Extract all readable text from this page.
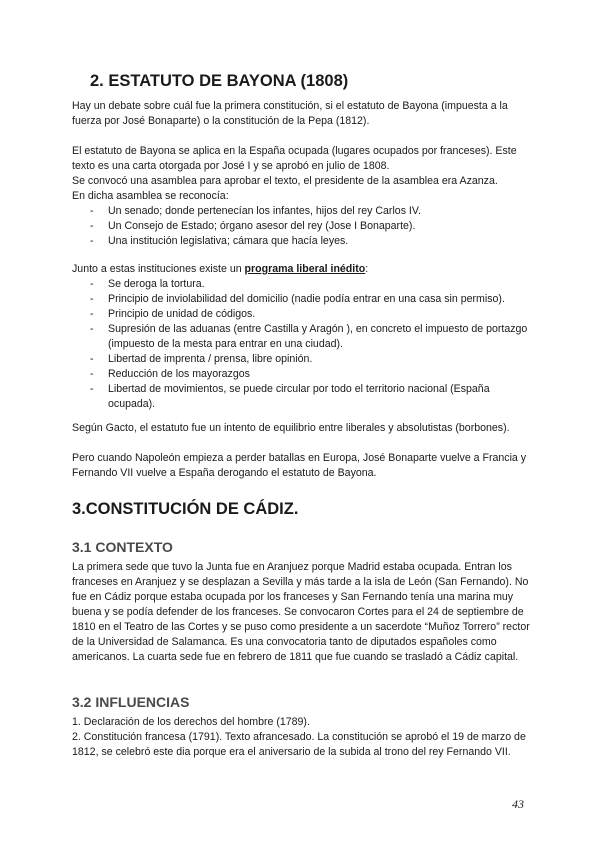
2. ESTATUTO DE BAYONA (1808)

Hay un debate sobre cuál fue la primera constitución, si el estatuto de Bayona (impuesta a la fuerza por José Bonaparte) o la constitución de la Pepa (1812).

El estatuto de Bayona se aplica en la España ocupada (lugares ocupados por franceses). Este texto es una carta otorgada por José I y se aprobó en julio de 1808.

Se convocó una asamblea para aprobar el texto, el presidente de la asamblea era Azanza.

En dicha asamblea se reconocía:

- Un senado; donde pertenecían los infantes, hijos del rey Carlos IV.
- Un Consejo de Estado; órgano asesor del rey (Jose I Bonaparte).
- Una institución legislativa; cámara que hacía leyes.

Junto a estas instituciones existe un programa liberal inédito:

- Se deroga la tortura.
- Principio de inviolabilidad del domicilio (nadie podía entrar en una casa sin permiso).
- Principio de unidad de códigos.
- Supresión de las aduanas (entre Castilla y Aragón ), en concreto el impuesto de portazgo (impuesto de la mesta para entrar en una ciudad).
- Libertad de imprenta / prensa, libre opinión.
- Reducción de los mayorazgos
- Libertad de movimientos, se puede circular por todo el territorio nacional (España ocupada).

Según Gacto, el estatuto fue un intento de equilibrio entre liberales y absolutistas (borbones).

Pero cuando Napoleón empieza a perder batallas en Europa, José Bonaparte vuelve a Francia y Fernando VII vuelve a España derogando el estatuto de Bayona.

3.CONSTITUCIÓN DE CÁDIZ.
3.1 CONTEXTO

La primera sede que tuvo la Junta fue en Aranjuez porque Madrid estaba ocupada. Entran los franceses en Aranjuez y se desplazan a Sevilla y más tarde a la isla de León (San Fernando). No fue en Cádiz porque estaba ocupada por los franceses y San Fernando tenía una marina muy buena y se podía defender de los franceses. Se convocaron Cortes para el 24 de septiembre de 1810 en el Teatro de las Cortes y se puso como presidente a un sacerdote “Muñoz Torrero” rector de la Universidad de Salamanca. Es una convocatoria tanto de diputados españoles como americanos. La cuarta sede fue en febrero de 1811 que fue cuando se trasladó a Cádiz capital.

3.2 INFLUENCIAS

1. Declaración de los derechos del hombre (1789).

2. Constitución francesa (1791). Texto afrancesado. La constitución se aprobó el 19 de marzo de 1812, se celebró este dia porque era el aniversario de la subida al trono del rey Fernando VII.

43
